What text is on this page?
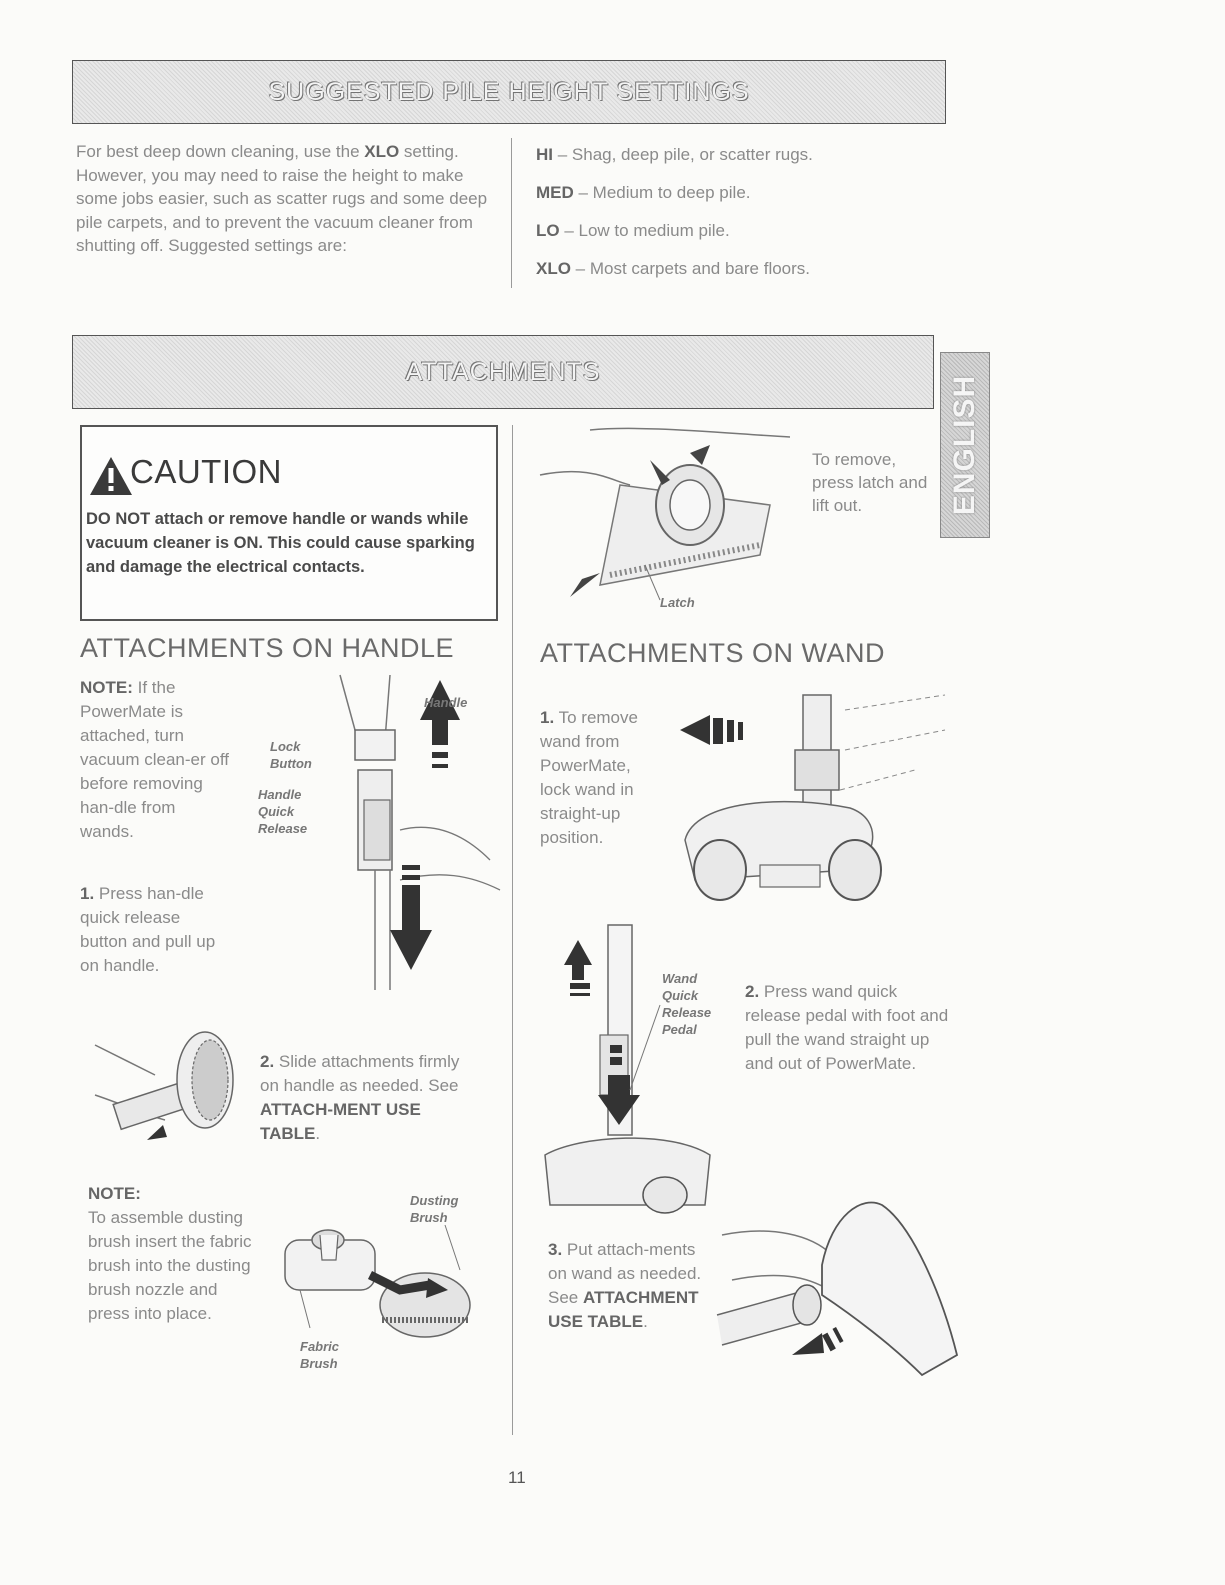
SUGGESTED PILE HEIGHT SETTINGS
For best deep down cleaning, use the XLO setting. However, you may need to raise the height to make some jobs easier, such as scatter rugs and some deep pile carpets, and to prevent the vacuum cleaner from shutting off. Suggested settings are:
HI – Shag, deep pile, or scatter rugs.
MED – Medium to deep pile.
LO – Low to medium pile.
XLO – Most carpets and bare floors.
ATTACHMENTS
ENGLISH
CAUTION
DO NOT attach or remove handle or wands while vacuum cleaner is ON. This could cause sparking and damage the electrical contacts.
To remove, press latch and lift out.
Latch
ATTACHMENTS ON HANDLE
NOTE: If the PowerMate is attached, turn vacuum clean-er off before removing han-dle from wands.
1. Press han-dle quick release button and pull up on handle.
Handle
Lock Button
Handle Quick Release
2. Slide attachments firmly on handle as needed. See ATTACH-MENT USE TABLE.
NOTE:
To assemble dusting brush insert the fabric brush into the dusting brush nozzle and press into place.
Dusting Brush
Fabric Brush
ATTACHMENTS ON WAND
1. To remove wand from PowerMate, lock wand in straight-up position.
Wand Quick Release Pedal
2. Press wand quick release pedal with foot and pull the wand straight up and out of PowerMate.
3. Put attach-ments on wand as needed. See ATTACHMENT USE TABLE.
11
